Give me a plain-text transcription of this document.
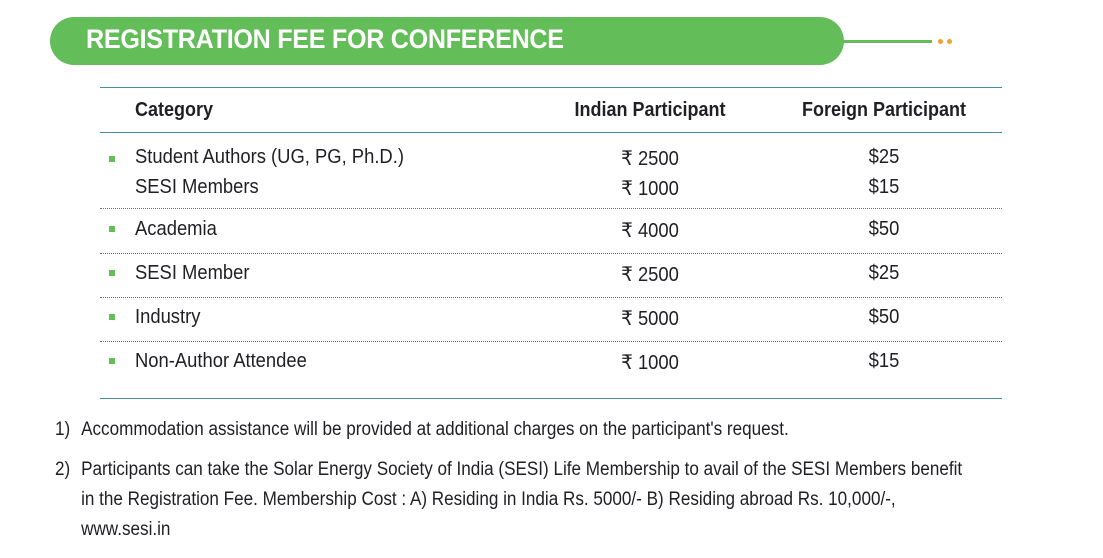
REGISTRATION FEE FOR CONFERENCE
Category	Indian Participant	Foreign Participant
Student Authors (UG, PG, Ph.D.)	₹ 2500	$25
SESI Members	₹ 1000	$15
Academia	₹ 4000	$50
SESI Member	₹ 2500	$25
Industry	₹ 5000	$50
Non-Author Attendee	₹ 1000	$15
1) Accommodation assistance will be provided at additional charges on the participant's request.
2) Participants can take the Solar Energy Society of India (SESI) Life Membership to avail of the SESI Members benefit
in the Registration Fee. Membership Cost : A) Residing in India Rs. 5000/- B) Residing abroad Rs. 10,000/-,
www.sesi.in
